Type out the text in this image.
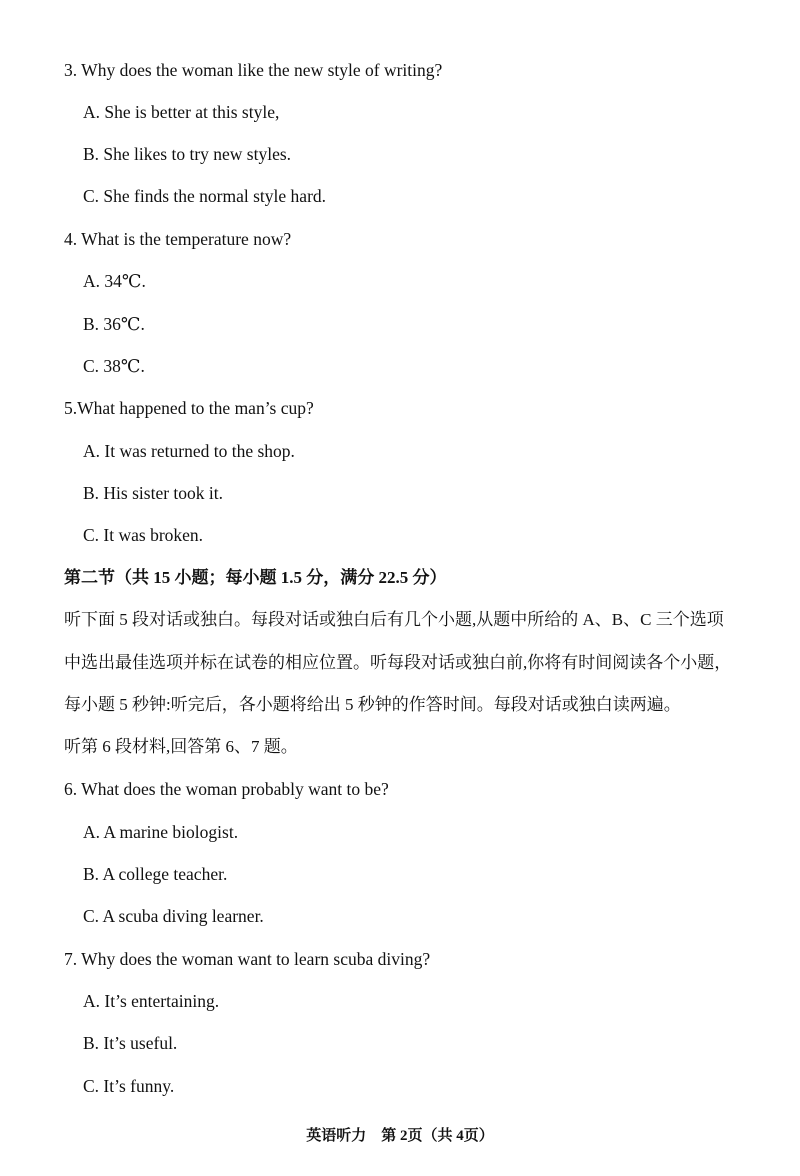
3. Why does the woman like the new style of writing?
A. She is better at this style,
B. She likes to try new styles.
C. She finds the normal style hard.
4. What is the temperature now?
A. 34℃.
B. 36℃.
C. 38℃.
5.What happened to the man’s cup?
A. It was returned to the shop.
B. His sister took it.
C. It was broken.
第二节（共 15 小题；每小题 1.5 分，满分 22.5 分）
听下面 5 段对话或独白。每段对话或独白后有几个小题,从题中所给的 A、B、C 三个选项
中选出最佳选项并标在试卷的相应位置。听每段对话或独白前,你将有时间阅读各个小题，
每小题 5 秒钟:听完后，各小题将给出 5 秒钟的作答时间。每段对话或独白读两遍。
听第 6 段材料,回答第 6、7 题。
6. What does the woman probably want to be?
A. A marine biologist.
B. A college teacher.
C. A scuba diving learner.
7. Why does the woman want to learn scuba diving?
A. It’s entertaining.
B. It’s useful.
C. It’s funny.
英语听力　第 2页（共 4页）
